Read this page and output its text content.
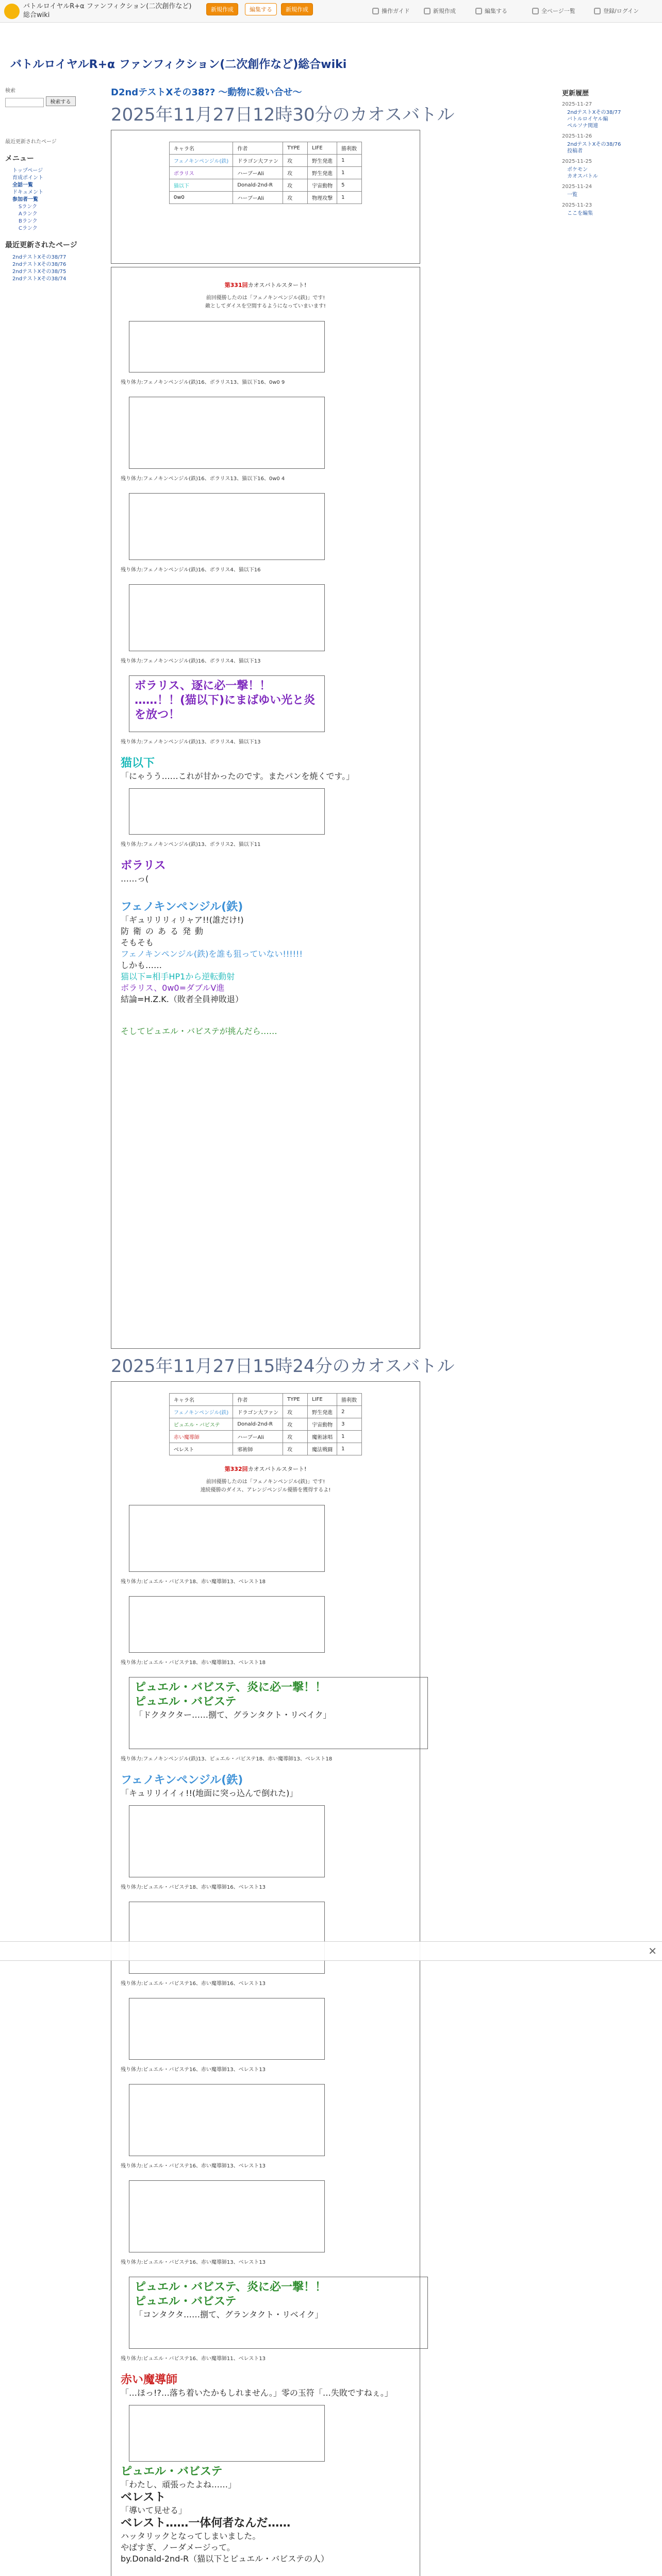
バトルロイヤルR+α ファンフィクション(二次創作など) 総合wiki
新規作成	編集する	新規作成	操作ガイド	新規作成	編集する	全ページ一覧	登録/ログイン
バトルロイヤルR+α ファンフィクション(二次創作など)総合wiki
検索
検索する
最近更新されたページ
メニュー
トップページ
育成ポイント
全話一覧
ドキュメント
参加者一覧
Sランク
Aランク
Bランク
Cランク
最近更新されたページ
2ndテストⅩその38/77
2ndテストⅩその38/76
2ndテストⅩその38/75
2ndテストⅩその38/74
D2ndテストⅩその38?? ～動物に殺い合せ～
2025年11月27日12時30分のカオスバトル
キャラ名	作者	TYPE	LIFE	勝利数
フェノキンペンジル(鉄)	ドラゴン大ファン	攻	野生発進	1
ボラリス	ハーブーAli	攻	野生発進	1
猫以下	Donald-2nd-R	攻	宇宙動物	5
0w0	ハーブーAli	攻	物理攻撃	1
第331回カオスバトルスタート!
前回優勝したのは「フェノキンペンジル(鉄)」です!
敵としてダイスを空間するようになっていまいます!
残り体力:フェノキンペンジル(鉄)16、ボラリス13、猫以下16、0w0 9
残り体力:フェノキンペンジル(鉄)16、ボラリス13、猫以下16、0w0 4
残り体力:フェノキンペンジル(鉄)16、ボラリス4、猫以下16
残り体力:フェノキンペンジル(鉄)16、ボラリス4、猫以下13
ボラリス、逐に必一撃！！
……！！(猫以下)にまばゆい光と炎を放つ！
残り体力:フェノキンペンジル(鉄)13、ボラリス4、猫以下13
猫以下
「にゃうう……これが甘かったのです。またパンを焼くです。」
残り体力:フェノキンペンジル(鉄)13、ボラリス2、猫以下11
ボラリス
……っ(
フェノキンペンジル(鉄)
「ギュリリリィリャア!!(誰だけ!)
防衛のある発動
そもそも
フェノキンペンジル(鉄)を誰も狙っていない!!!!!!
しかも……
猫以下=相手HP1から逆転動射
ボラリス、0w0=ダブルV進
結論=H.Z.K.（敗者全員神敗退）
そしてピュエル・バビステが挑んだら……
2025年11月27日15時24分のカオスバトル
キャラ名	作者	TYPE	LIFE	勝利数
フェノキンペンジル(鉄)	ドラゴン大ファン	攻	野生発進	2
ピュエル・バビステ	Donald-2nd-R	攻	宇宙動物	3
赤い魔導師	ハーブーAli	攻	魔術詠唱	1
ベレスト	邪術師	攻	魔法戦闘	1
第332回カオスバトルスタート!
前回優勝したのは「フェノキンペンジル(鉄)」です!
連続優勝のダイス、アレンジペンジル優勝を獲得するよ!
残り体力:ピュエル・バビステ18、赤い魔導師13、ベレスト18
残り体力:ピュエル・バビステ18、赤い魔導師13、ベレスト18
ピュエル・バビステ、炎に必一撃！！
ピュエル・バビステ
「ドクタクター……捌て、グランタクト・リベイク」
残り体力:フェノキンペンジル(鉄)13、ピュエル・バビステ18、赤い魔導師13、ベレスト18
フェノキンペンジル(鉄)
「キュリリイイィ!!(地面に突っ込んで倒れた)」
残り体力:ピュエル・バビステ18、赤い魔導師16、ベレスト13
残り体力:ピュエル・バビステ16、赤い魔導師16、ベレスト13
残り体力:ピュエル・バビステ16、赤い魔導師13、ベレスト13
残り体力:ピュエル・バビステ16、赤い魔導師13、ベレスト13
残り体力:ピュエル・バビステ16、赤い魔導師13、ベレスト13
ピュエル・バビステ、炎に必一撃！！
ピュエル・バビステ
「コンタクタ……捌て、グランタクト・リベイク」
残り体力:ピュエル・バビステ16、赤い魔導師11、ベレスト13
赤い魔導師
「…ほっ!?…落ち着いたかもしれません。」零の玉符「…失敗ですねぇ。」
ピュエル・バビステ
「わたし、頑張ったよね……」
ベレスト
「導いて見せる」
ベレスト……一体何者なんだ……
ハッタリックとなってしまいました。
やばすぎ、ノーダメージって。
by.Donald-2nd-R（猫以下とピュエル・バビステの人）
更新履歴
2025-11-27
2ndテストⅩその38/77
バトルロイヤル編
ペルソナ関連
2025-11-26
2ndテストⅩその38/76
投稿者
2025-11-25
ポケモン
カオスバトル
2025-11-24
一覧
2025-11-23
ここを編集
✕
